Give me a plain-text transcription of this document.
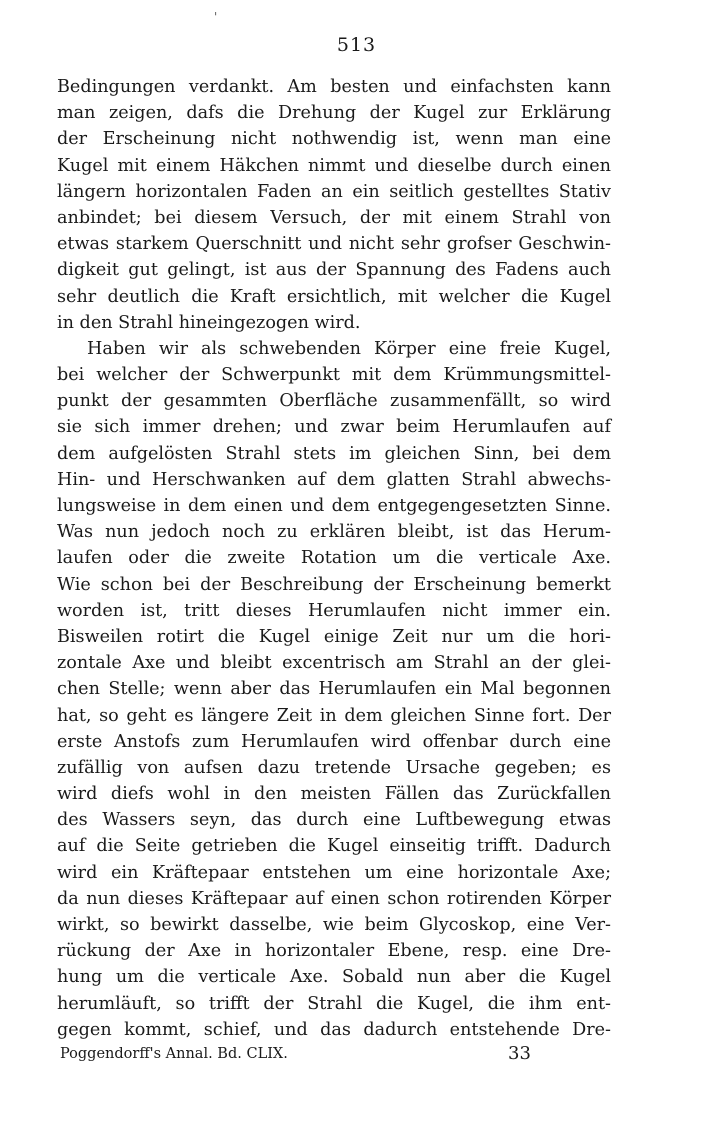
'
513
Bedingungen verdankt. Am besten und einfachsten kann
man zeigen, dafs die Drehung der Kugel zur Erklärung
der Erscheinung nicht nothwendig ist, wenn man eine
Kugel mit einem Häkchen nimmt und dieselbe durch einen
längern horizontalen Faden an ein seitlich gestelltes Stativ
anbindet; bei diesem Versuch, der mit einem Strahl von
etwas starkem Querschnitt und nicht sehr grofser Geschwin-
digkeit gut gelingt, ist aus der Spannung des Fadens auch
sehr deutlich die Kraft ersichtlich, mit welcher die Kugel
in den Strahl hineingezogen wird.
Haben wir als schwebenden Körper eine freie Kugel,
bei welcher der Schwerpunkt mit dem Krümmungsmittel-
punkt der gesammten Oberfläche zusammenfällt, so wird
sie sich immer drehen; und zwar beim Herumlaufen auf
dem aufgelösten Strahl stets im gleichen Sinn, bei dem
Hin- und Herschwanken auf dem glatten Strahl abwechs-
lungsweise in dem einen und dem entgegengesetzten Sinne.
Was nun jedoch noch zu erklären bleibt, ist das Herum-
laufen oder die zweite Rotation um die verticale Axe.
Wie schon bei der Beschreibung der Erscheinung bemerkt
worden ist, tritt dieses Herumlaufen nicht immer ein.
Bisweilen rotirt die Kugel einige Zeit nur um die hori-
zontale Axe und bleibt excentrisch am Strahl an der glei-
chen Stelle; wenn aber das Herumlaufen ein Mal begonnen
hat, so geht es längere Zeit in dem gleichen Sinne fort. Der
erste Anstofs zum Herumlaufen wird offenbar durch eine
zufällig von aufsen dazu tretende Ursache gegeben; es
wird diefs wohl in den meisten Fällen das Zurückfallen
des Wassers seyn, das durch eine Luftbewegung etwas
auf die Seite getrieben die Kugel einseitig trifft. Dadurch
wird ein Kräftepaar entstehen um eine horizontale Axe;
da nun dieses Kräftepaar auf einen schon rotirenden Körper
wirkt, so bewirkt dasselbe, wie beim Glycoskop, eine Ver-
rückung der Axe in horizontaler Ebene, resp. eine Dre-
hung um die verticale Axe. Sobald nun aber die Kugel
herumläuft, so trifft der Strahl die Kugel, die ihm ent-
gegen kommt, schief, und das dadurch entstehende Dre-
Poggendorff's Annal. Bd. CLIX.	33
